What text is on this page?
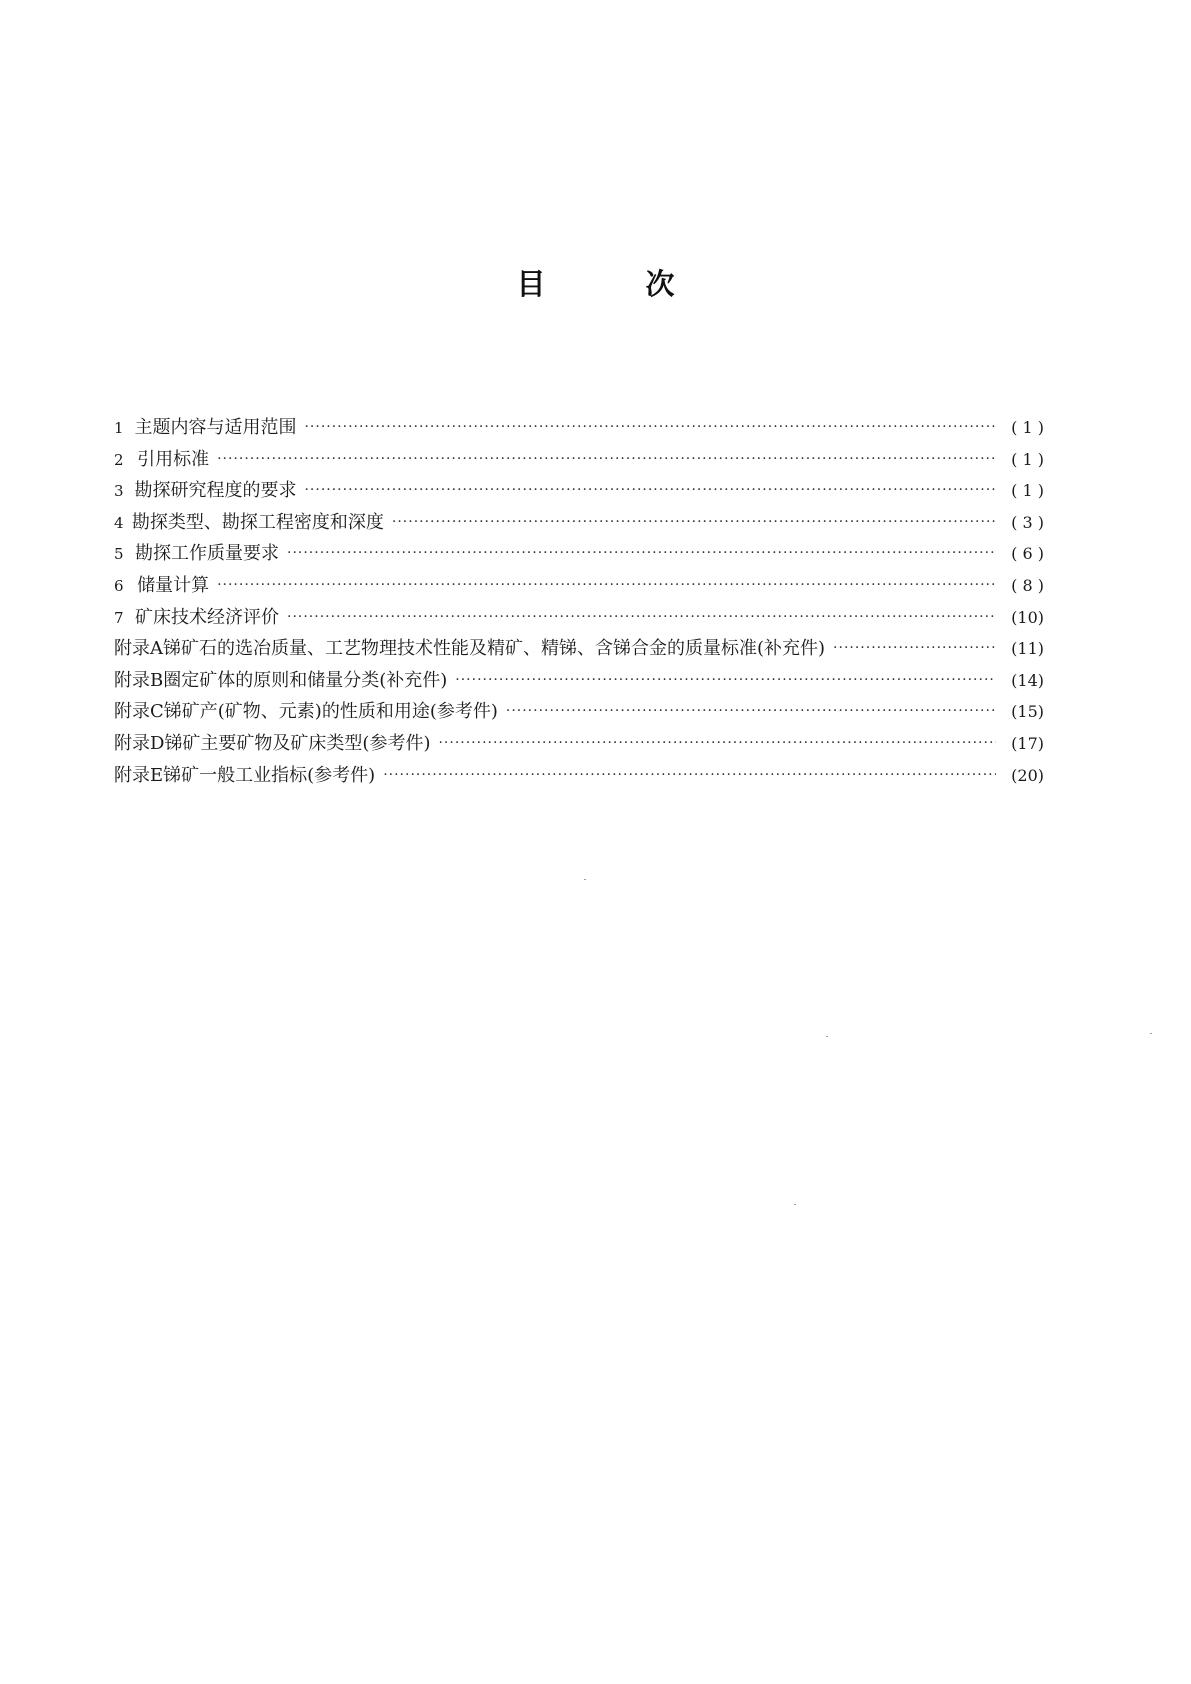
目	次
1 主题内容与适用范围 ·····	( 1 )
2 引用标准 ·····	( 1 )
3 勘探研究程度的要求 ·····	( 1 )
4 勘探类型、勘探工程密度和深度 ·····	( 3 )
5 勘探工作质量要求 ·····	( 6 )
6 储量计算 ·····	( 8 )
7 矿床技术经济评价 ·····	(10)
附录A 锑矿石的选冶质量、工艺物理技术性能及精矿、精锑、含锑合金的质量标准(补充件) ·····	(11)
附录B 圈定矿体的原则和储量分类(补充件) ·····	(14)
附录C 锑矿产(矿物、元素)的性质和用途(参考件) ·····	(15)
附录D 锑矿主要矿物及矿床类型(参考件) ·····	(17)
附录E 锑矿一般工业指标(参考件) ·····	(20)
